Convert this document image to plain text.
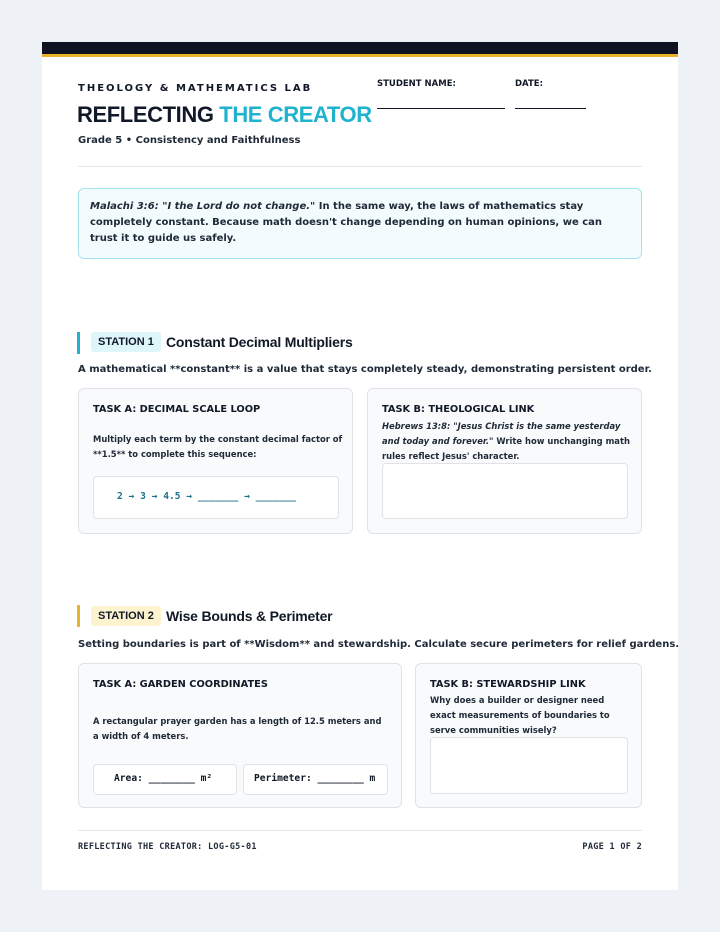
THEOLOGY & MATHEMATICS LAB
REFLECTING THE CREATOR
Grade 5 • Consistency and Faithfulness
STUDENT NAME:	DATE:
Malachi 3:6: "I the Lord do not change." In the same way, the laws of mathematics stay completely constant. Because math doesn't change depending on human opinions, we can trust it to guide us safely.
STATION 1 Constant Decimal Multipliers
A mathematical **constant** is a value that stays completely steady, demonstrating persistent order.
TASK A: DECIMAL SCALE LOOP
Multiply each term by the constant decimal factor of **1.5** to complete this sequence:
2 → 3 → 4.5 → _______ → _______
TASK B: THEOLOGICAL LINK
Hebrews 13:8: "Jesus Christ is the same yesterday and today and forever." Write how unchanging math rules reflect Jesus' character.
STATION 2 Wise Bounds & Perimeter
Setting boundaries is part of **Wisdom** and stewardship. Calculate secure perimeters for relief gardens.
TASK A: GARDEN COORDINATES
A rectangular prayer garden has a length of 12.5 meters and a width of 4 meters.
Area: ________ m²	Perimeter: ________ m
TASK B: STEWARDSHIP LINK
Why does a builder or designer need exact measurements of boundaries to serve communities wisely?
REFLECTING THE CREATOR: LOG-G5-01	PAGE 1 OF 2
